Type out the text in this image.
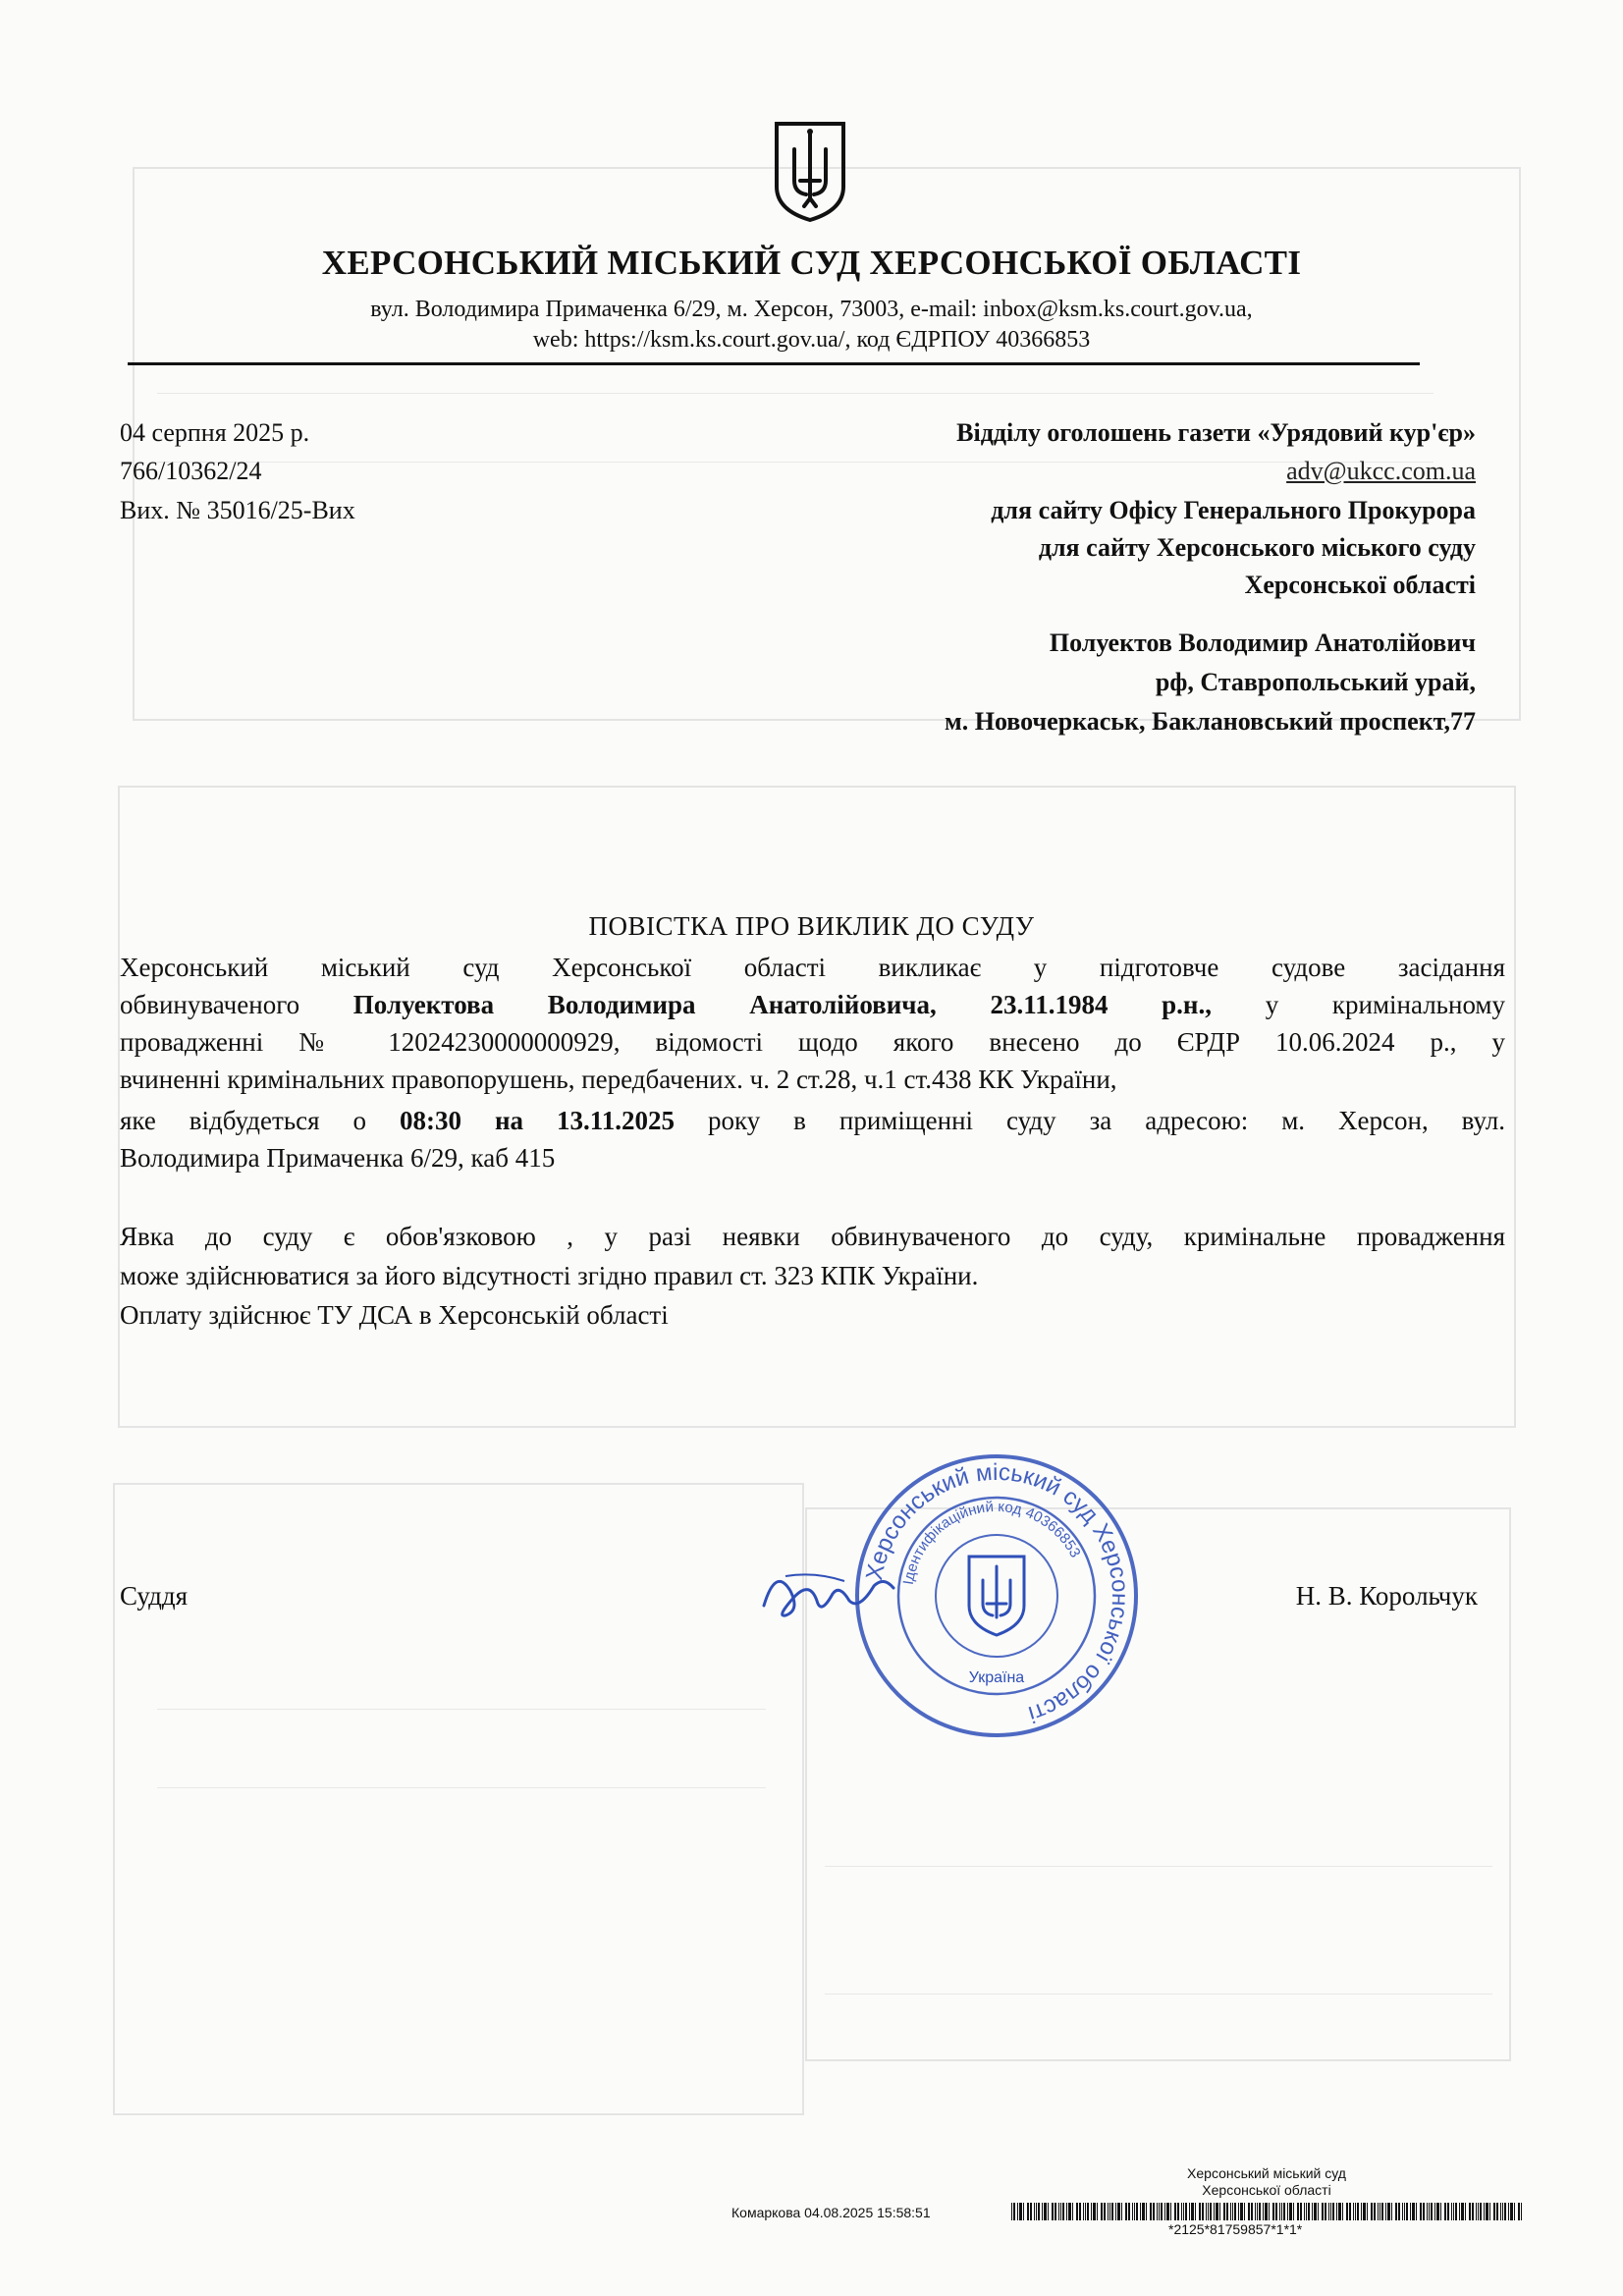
ХЕРСОНСЬКИЙ МІСЬКИЙ СУД ХЕРСОНСЬКОЇ ОБЛАСТІ
вул. Володимира Примаченка 6/29, м. Херсон, 73003, e-mail: inbox@ksm.ks.court.gov.ua,
web: https://ksm.ks.court.gov.ua/, код ЄДРПОУ 40366853
04 серпня 2025 р.
766/10362/24
Вих. № 35016/25-Вих
Відділу оголошень газети «Урядовий кур'єр»
adv@ukcc.com.ua
для сайту Офісу Генерального Прокурора
для сайту Херсонського міського суду
Херсонської області
Полуектов Володимир Анатолійович
рф, Ставропольський урай,
м. Новочеркаськ, Баклановський проспект,77
ПОВІСТКА ПРО ВИКЛИК ДО СУДУ
Херсонський міський суд Херсонської області викликає у підготовче судове засідання
обвинуваченого Полуектова Володимира Анатолійовича, 23.11.1984 р.н., у кримінальному
провадженні № 12024230000000929, відомості щодо якого внесено до ЄРДР 10.06.2024 р., у
вчиненні кримінальних правопорушень, передбачених. ч. 2 ст.28, ч.1 ст.438 КК України,
яке відбудеться о 08:30 на 13.11.2025 року в приміщенні суду за адресою: м. Херсон, вул.
Володимира Примаченка 6/29, каб 415
Явка до суду є обов'язковою , у разі неявки обвинуваченого до суду, кримінальне провадження
може здійснюватися за його відсутності згідно правил ст. 323 КПК України.
Оплату здійснює ТУ ДСА в Херсонській області
Суддя	Н. В. Корольчук
Херсонський міський суд Херсонської області
Ідентифікаційний код 40366853
Україна
Херсонський міський суд
Херсонської області
Комаркова 04.08.2025 15:58:51
*2125*81759857*1*1*
